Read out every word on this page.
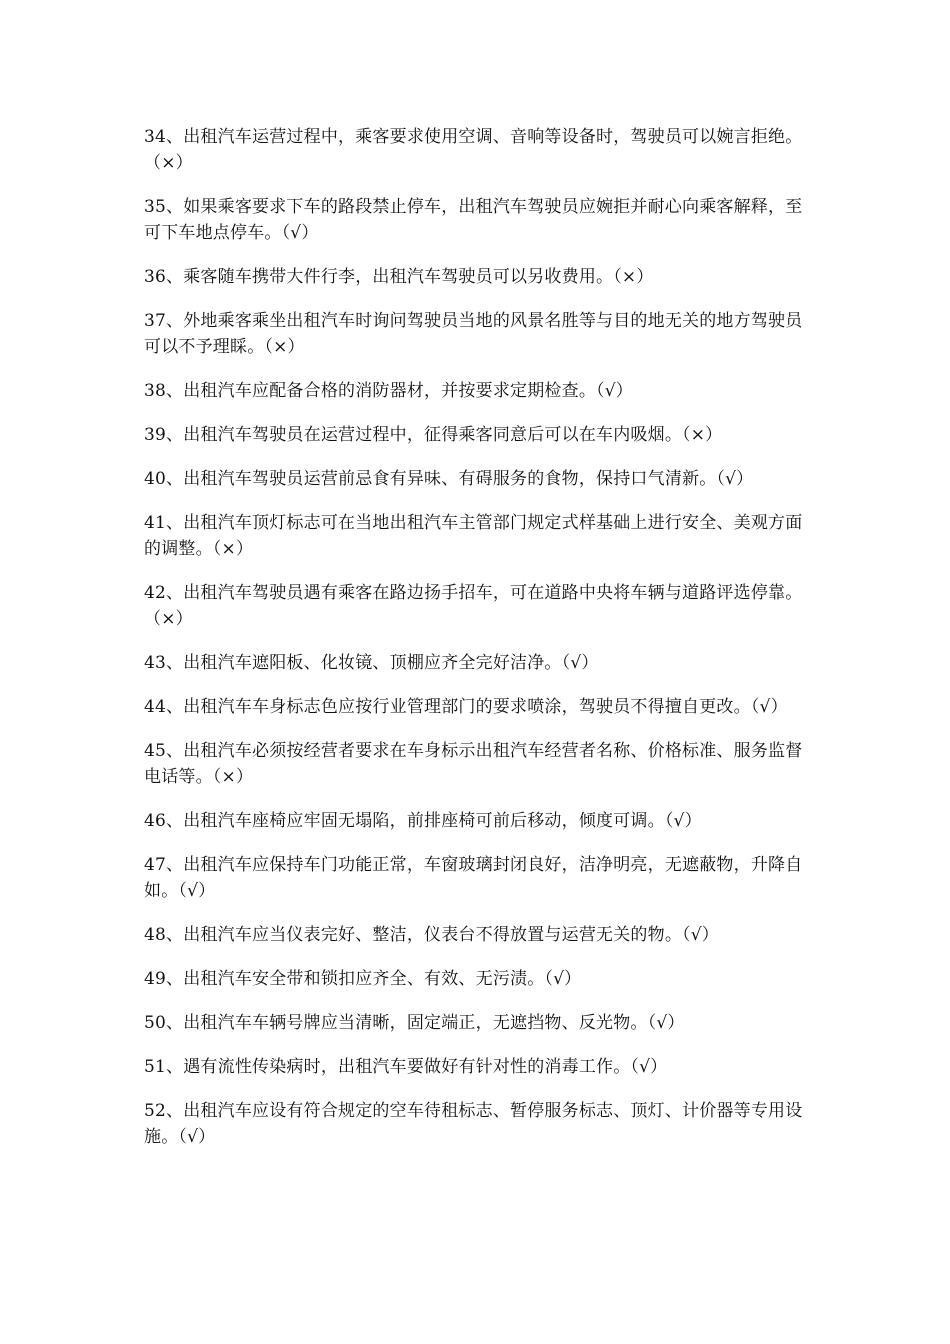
34、出租汽车运营过程中，乘客要求使用空调、音响等设备时，驾驶员可以婉言拒绝。（×）

35、如果乘客要求下车的路段禁止停车，出租汽车驾驶员应婉拒并耐心向乘客解释，至可下车地点停车。（√）

36、乘客随车携带大件行李，出租汽车驾驶员可以另收费用。（×）

37、外地乘客乘坐出租汽车时询问驾驶员当地的风景名胜等与目的地无关的地方驾驶员可以不予理睬。（×）

38、出租汽车应配备合格的消防器材，并按要求定期检查。（√）

39、出租汽车驾驶员在运营过程中，征得乘客同意后可以在车内吸烟。（×）

40、出租汽车驾驶员运营前忌食有异味、有碍服务的食物，保持口气清新。（√）

41、出租汽车顶灯标志可在当地出租汽车主管部门规定式样基础上进行安全、美观方面的调整。（×）

42、出租汽车驾驶员遇有乘客在路边扬手招车，可在道路中央将车辆与道路评选停靠。（×）

43、出租汽车遮阳板、化妆镜、顶棚应齐全完好洁净。（√）

44、出租汽车车身标志色应按行业管理部门的要求喷涂，驾驶员不得擅自更改。（√）

45、出租汽车必须按经营者要求在车身标示出租汽车经营者名称、价格标准、服务监督电话等。（×）

46、出租汽车座椅应牢固无塌陷，前排座椅可前后移动，倾度可调。（√）

47、出租汽车应保持车门功能正常，车窗玻璃封闭良好，洁净明亮，无遮蔽物，升降自如。（√）

48、出租汽车应当仪表完好、整洁，仪表台不得放置与运营无关的物。（√）

49、出租汽车安全带和锁扣应齐全、有效、无污渍。（√）

50、出租汽车车辆号牌应当清晰，固定端正，无遮挡物、反光物。（√）

51、遇有流性传染病时，出租汽车要做好有针对性的消毒工作。（√）

52、出租汽车应设有符合规定的空车待租标志、暂停服务标志、顶灯、计价器等专用设施。（√）
